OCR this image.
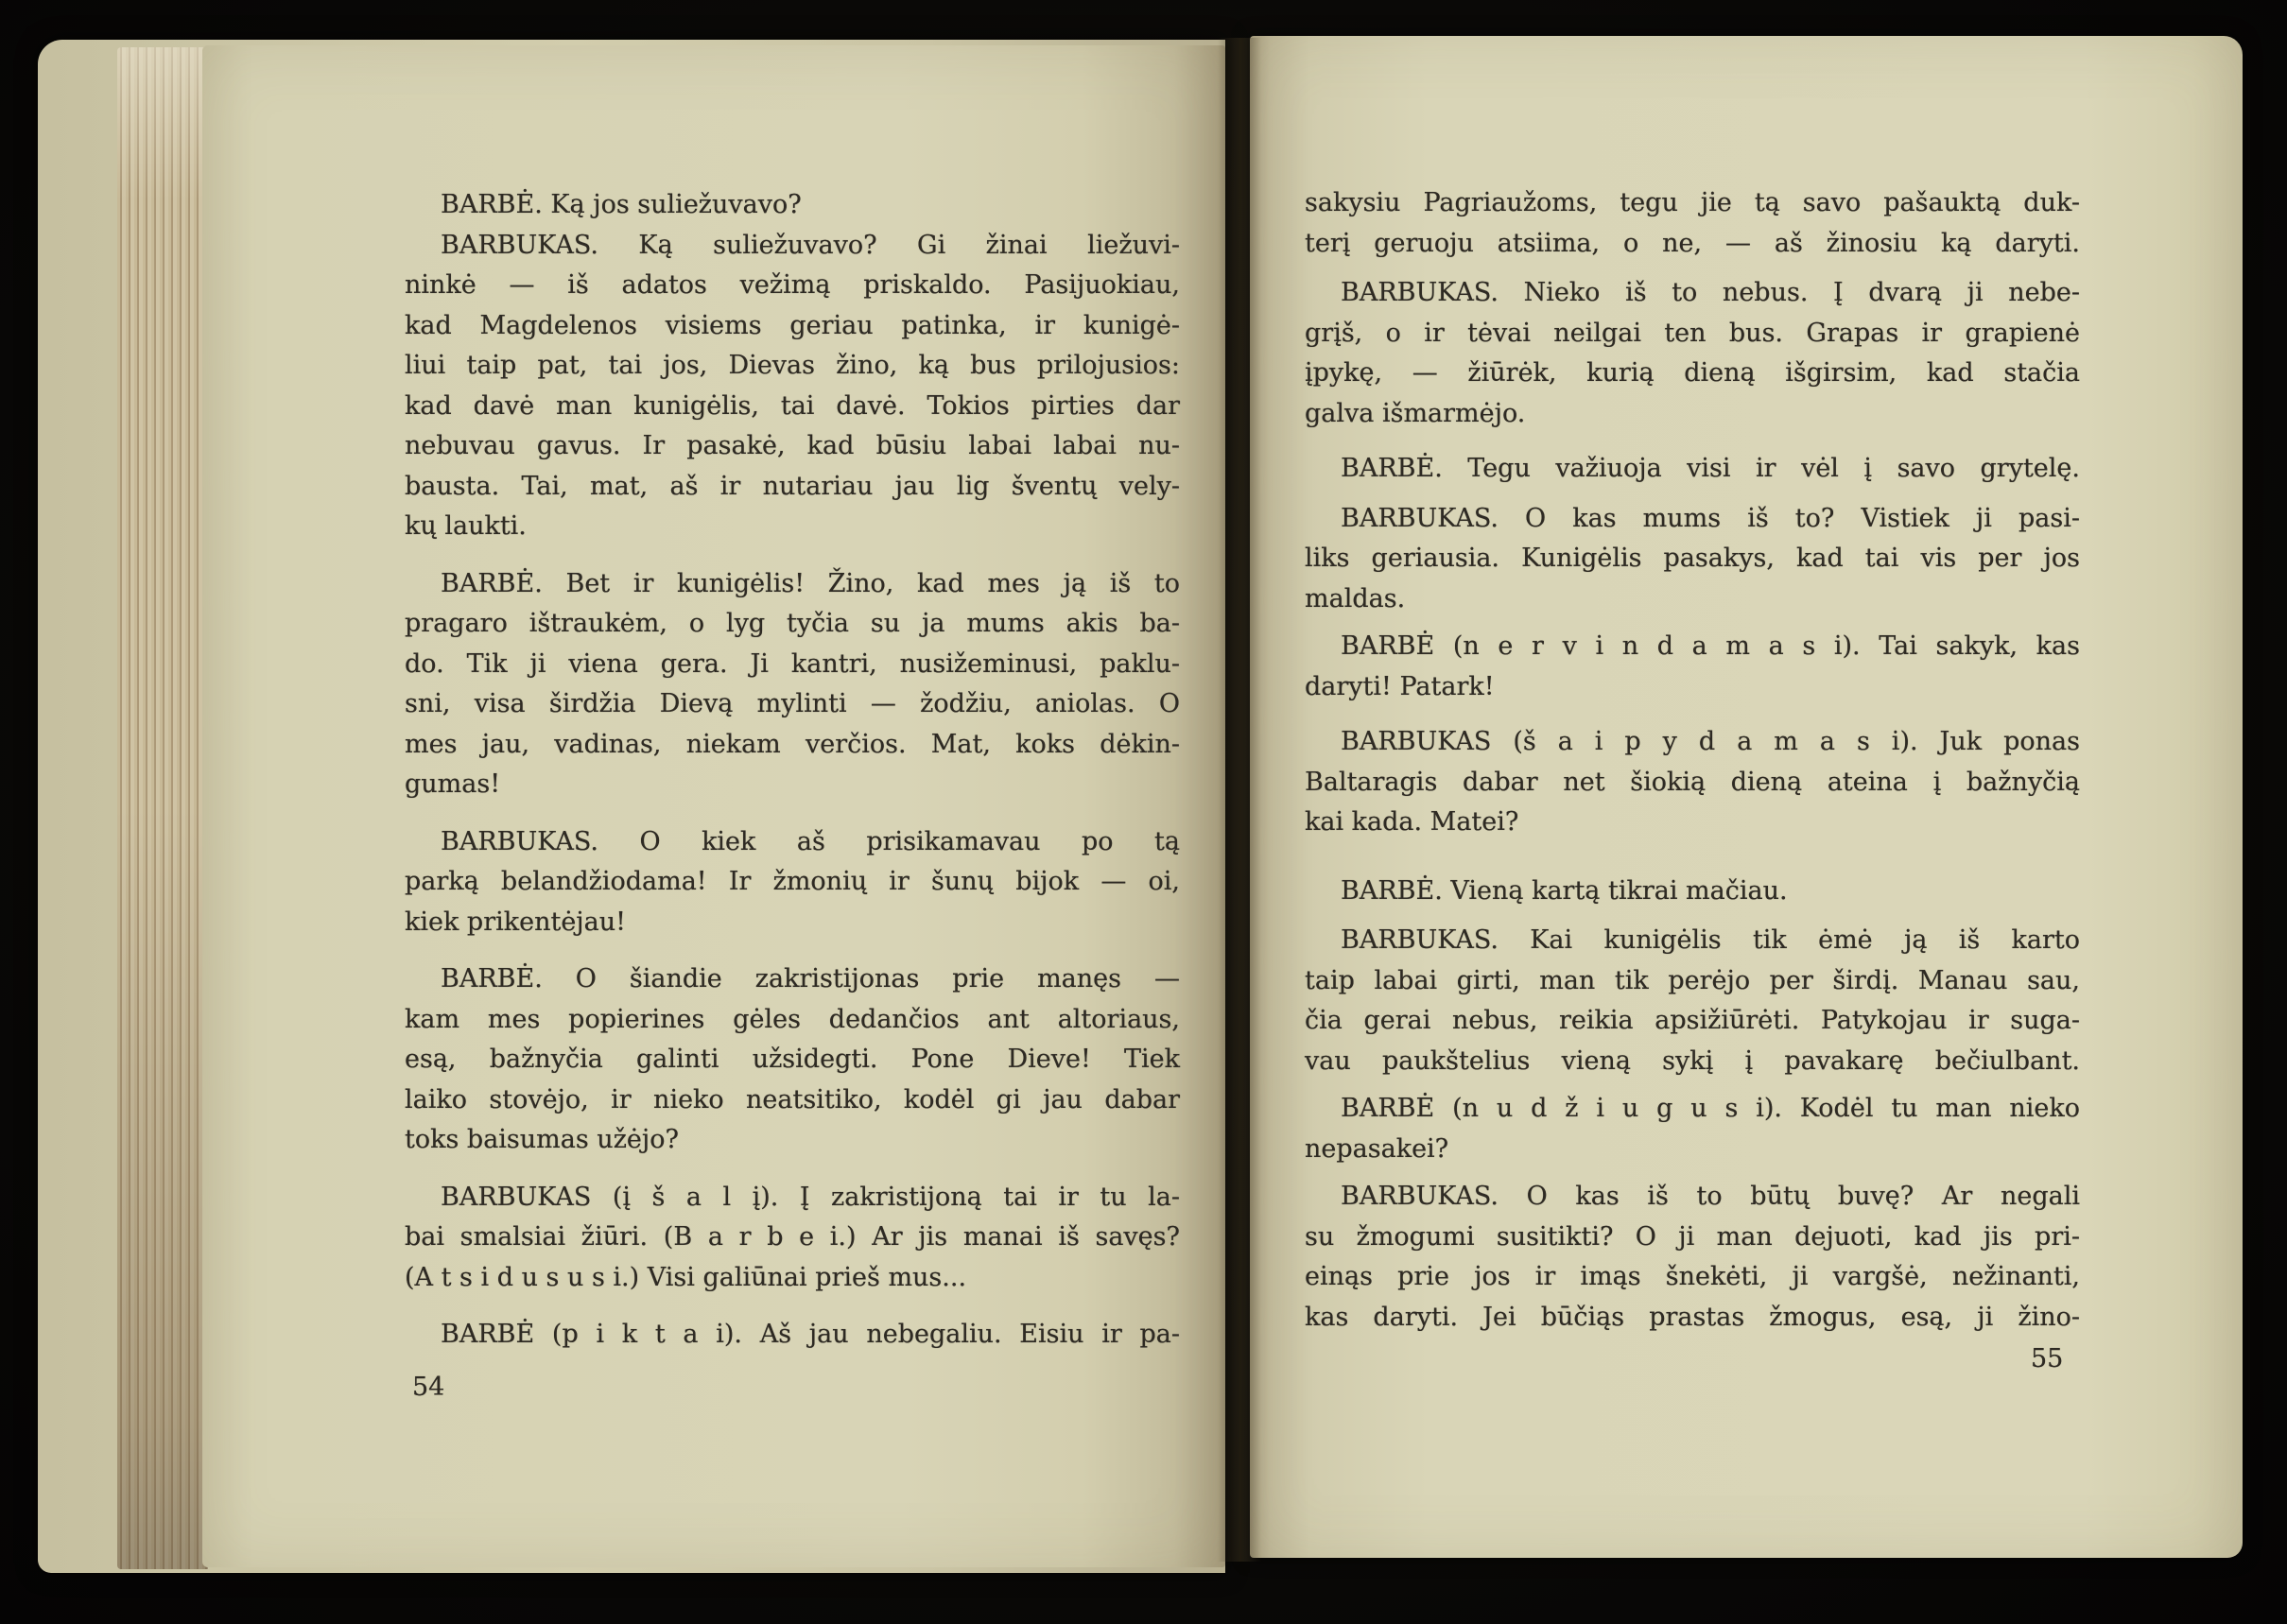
BARBĖ. Ką jos suliežuvavo?
BARBUKAS. Ką suliežuvavo? Gi žinai liežuvi-
ninkė — iš adatos vežimą priskaldo. Pasijuokiau,
kad Magdelenos visiems geriau patinka, ir kunigė-
liui taip pat, tai jos, Dievas žino, ką bus prilojusios:
kad davė man kunigėlis, tai davė. Tokios pirties dar
nebuvau gavus. Ir pasakė, kad būsiu labai labai nu-
bausta. Tai, mat, aš ir nutariau jau lig šventų vely-
kų laukti.
BARBĖ. Bet ir kunigėlis! Žino, kad mes ją iš to
pragaro ištraukėm, o lyg tyčia su ja mums akis ba-
do. Tik ji viena gera. Ji kantri, nusižeminusi, paklu-
sni, visa širdžia Dievą mylinti — žodžiu, aniolas. O
mes jau, vadinas, niekam verčios. Mat, koks dėkin-
gumas!
BARBUKAS. O kiek aš prisikamavau po tą
parką belandžiodama! Ir žmonių ir šunų bijok — oi,
kiek prikentėjau!
BARBĖ. O šiandie zakristijonas prie manęs —
kam mes popierines gėles dedančios ant altoriaus,
esą, bažnyčia galinti užsidegti. Pone Dieve! Tiek
laiko stovėjo, ir nieko neatsitiko, kodėl gi jau dabar
toks baisumas užėjo?
BARBUKAS (į š a l į). Į zakristijoną tai ir tu la-
bai smalsiai žiūri. (B a r b e i.) Ar jis manai iš savęs?
(A t s i d u s u s i.) Visi galiūnai prieš mus...
BARBĖ (p i k t a i). Aš jau nebegaliu. Eisiu ir pa-
54
sakysiu Pagriaužoms, tegu jie tą savo pašauktą duk-
terį geruoju atsiima, o ne, — aš žinosiu ką daryti.
BARBUKAS. Nieko iš to nebus. Į dvarą ji nebe-
grįš, o ir tėvai neilgai ten bus. Grapas ir grapienė
įpykę, — žiūrėk, kurią dieną išgirsim, kad stačia
galva išmarmėjo.
BARBĖ. Tegu važiuoja visi ir vėl į savo grytelę.
BARBUKAS. O kas mums iš to? Vistiek ji pasi-
liks geriausia. Kunigėlis pasakys, kad tai vis per jos
maldas.
BARBĖ (n e r v i n d a m a s i). Tai sakyk, kas
daryti! Patark!
BARBUKAS (š a i p y d a m a s i). Juk ponas
Baltaragis dabar net šiokią dieną ateina į bažnyčią
kai kada. Matei?
BARBĖ. Vieną kartą tikrai mačiau.
BARBUKAS. Kai kunigėlis tik ėmė ją iš karto
taip labai girti, man tik perėjo per širdį. Manau sau,
čia gerai nebus, reikia apsižiūrėti. Patykojau ir suga-
vau paukštelius vieną sykį į pavakarę bečiulbant.
BARBĖ (n u d ž i u g u s i). Kodėl tu man nieko
nepasakei?
BARBUKAS. O kas iš to būtų buvę? Ar negali
su žmogumi susitikti? O ji man dejuoti, kad jis pri-
einąs prie jos ir imąs šnekėti, ji vargšė, nežinanti,
kas daryti. Jei būčiąs prastas žmogus, esą, ji žino-
55
